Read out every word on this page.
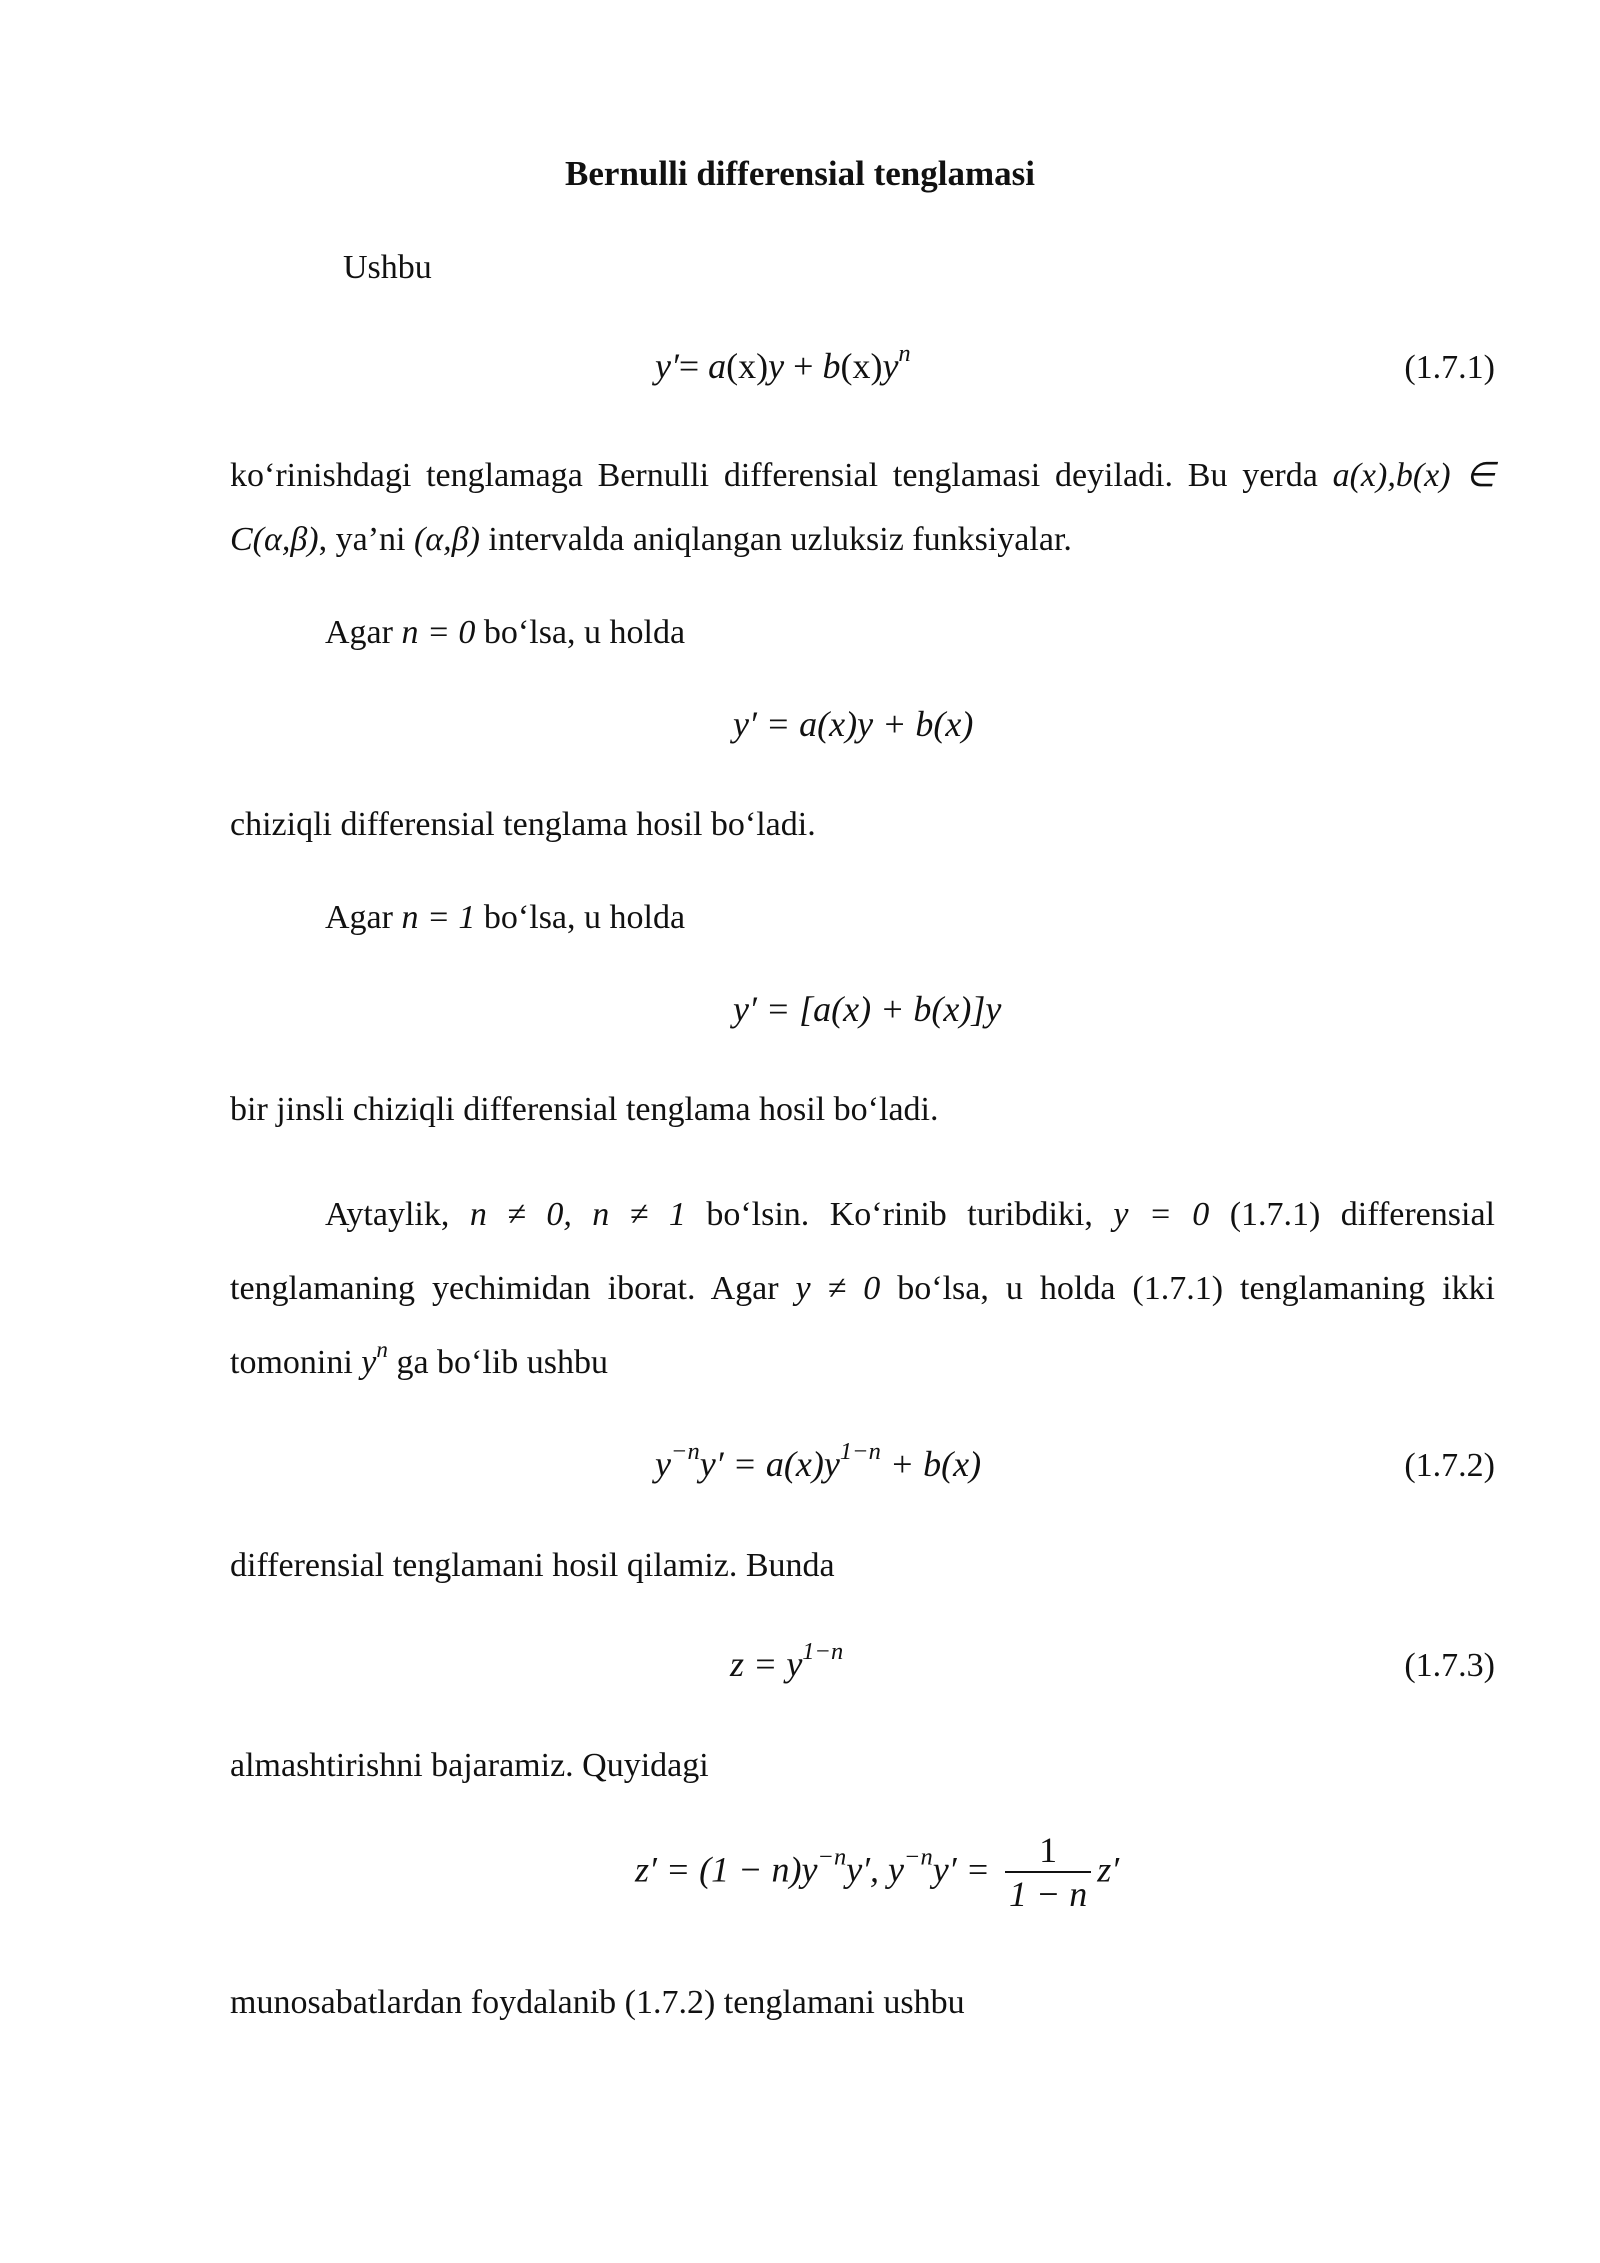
Bernulli differensial tenglamasi
Ushbu
$y'= a(x)y + b(x)y^n$	(1.7.1)
ko‘rinishdagi tenglamaga Bernulli differensial tenglamasi deyiladi. Bu yerda a(x),b(x) ∈ C(α,β), ya’ni (α,β) intervalda aniqlangan uzluksiz funksiyalar.
Agar n = 0 bo‘lsa, u holda
y′ = a(x)y + b(x)
chiziqli differensial tenglama hosil bo‘ladi.
Agar n = 1 bo‘lsa, u holda
y′ = [a(x) + b(x)]y
bir jinsli chiziqli differensial tenglama hosil bo‘ladi.
Aytaylik, n ≠ 0, n ≠ 1 bo‘lsin. Ko‘rinib turibdiki, y = 0 (1.7.1) differensial tenglamaning yechimidan iborat. Agar y ≠ 0 bo‘lsa, u holda (1.7.1) tenglamaning ikki tomonini $y^n$ ga bo‘lib ushbu
$y^{-n}y' = a(x)y^{1-n} + b(x)$	(1.7.2)
differensial tenglamani hosil qilamiz. Bunda
$z = y^{1-n}$	(1.7.3)
almashtirishni bajaramiz. Quyidagi
$z' = (1 - n)y^{-n}y'$, $y^{-n}y' = \frac{1}{1 - n} z'$
munosabatlardan foydalanib (1.7.2) tenglamani ushbu
